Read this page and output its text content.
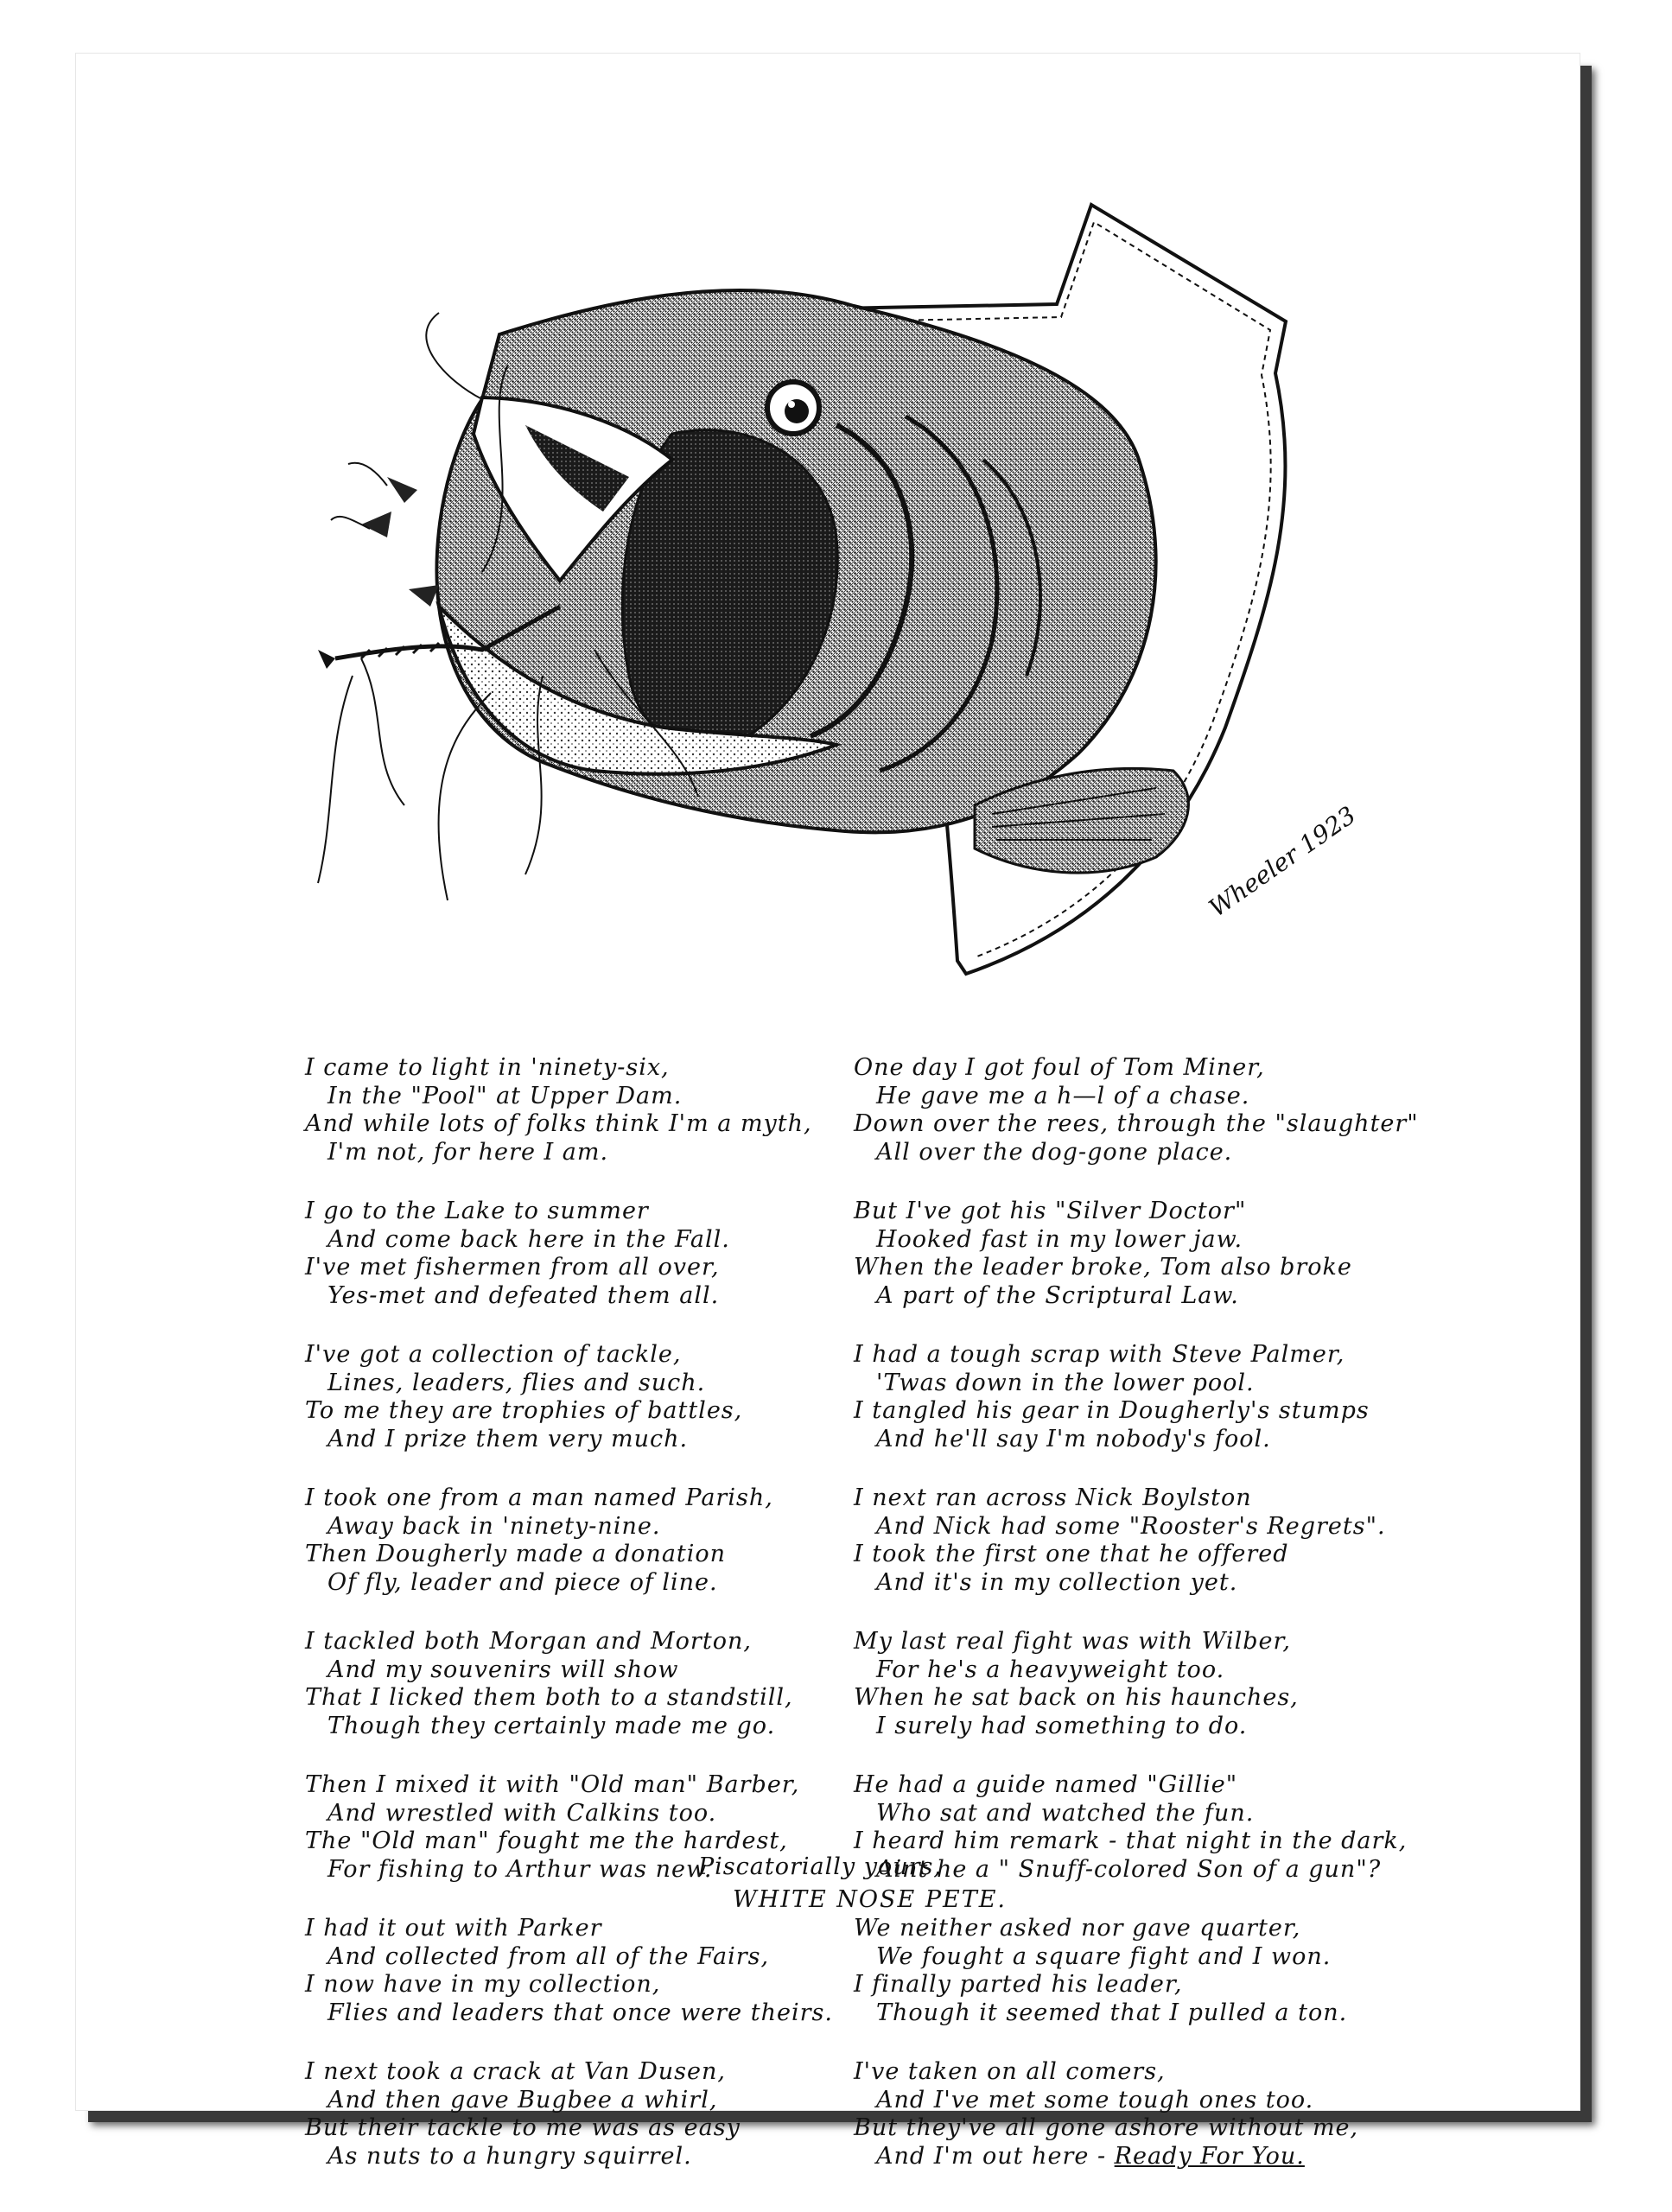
Wheeler 1923
I came to light in 'ninety-six,
In the "Pool" at Upper Dam.
And while lots of folks think I'm a myth,
I'm not, for here I am.
I go to the Lake to summer
And come back here in the Fall.
I've met fishermen from all over,
Yes-met and defeated them all.
I've got a collection of tackle,
Lines, leaders, flies and such.
To me they are trophies of battles,
And I prize them very much.
I took one from a man named Parish,
Away back in 'ninety-nine.
Then Dougherly made a donation
Of fly, leader and piece of line.
I tackled both Morgan and Morton,
And my souvenirs will show
That I licked them both to a standstill,
Though they certainly made me go.
Then I mixed it with "Old man" Barber,
And wrestled with Calkins too.
The "Old man" fought me the hardest,
For fishing to Arthur was new.
I had it out with Parker
And collected from all of the Fairs,
I now have in my collection,
Flies and leaders that once were theirs.
I next took a crack at Van Dusen,
And then gave Bugbee a whirl,
But their tackle to me was as easy
As nuts to a hungry squirrel.
One day I got foul of Tom Miner,
He gave me a h—l of a chase.
Down over the rees, through the "slaughter"
All over the dog-gone place.
But I've got his "Silver Doctor"
Hooked fast in my lower jaw.
When the leader broke, Tom also broke
A part of the Scriptural Law.
I had a tough scrap with Steve Palmer,
'Twas down in the lower pool.
I tangled his gear in Dougherly's stumps
And he'll say I'm nobody's fool.
I next ran across Nick Boylston
And Nick had some "Rooster's Regrets".
I took the first one that he offered
And it's in my collection yet.
My last real fight was with Wilber,
For he's a heavyweight too.
When he sat back on his haunches,
I surely had something to do.
He had a guide named "Gillie"
Who sat and watched the fun.
I heard him remark - that night in the dark,
Aint he a " Snuff-colored Son of a gun"?
We neither asked nor gave quarter,
We fought a square fight and I won.
I finally parted his leader,
Though it seemed that I pulled a ton.
I've taken on all comers,
And I've met some tough ones too.
But they've all gone ashore without me,
And I'm out here - Ready For You.
Piscatorially yours,
WHITE NOSE PETE.
